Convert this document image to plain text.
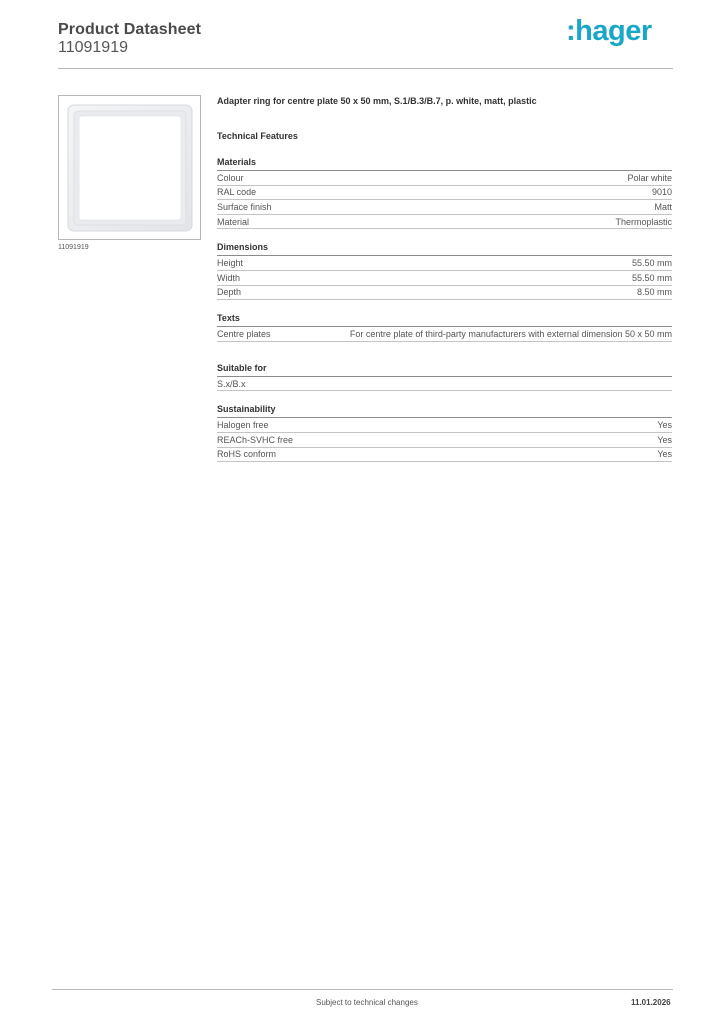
Product Datasheet
11091919
:hager
11091919
Adapter ring for centre plate 50 x 50 mm, S.1/B.3/B.7, p. white, matt, plastic
Technical Features
Materials
Colour	Polar white
RAL code	9010
Surface finish	Matt
Material	Thermoplastic
Dimensions
Height	55.50 mm
Width	55.50 mm
Depth	8.50 mm
Texts
Centre plates	For centre plate of third-party manufacturers with external dimension 50 x 50 mm
Suitable for
S.x/B.x
Sustainability
Halogen free	Yes
REACh-SVHC free	Yes
RoHS conform	Yes
Subject to technical changes	11.01.2026
